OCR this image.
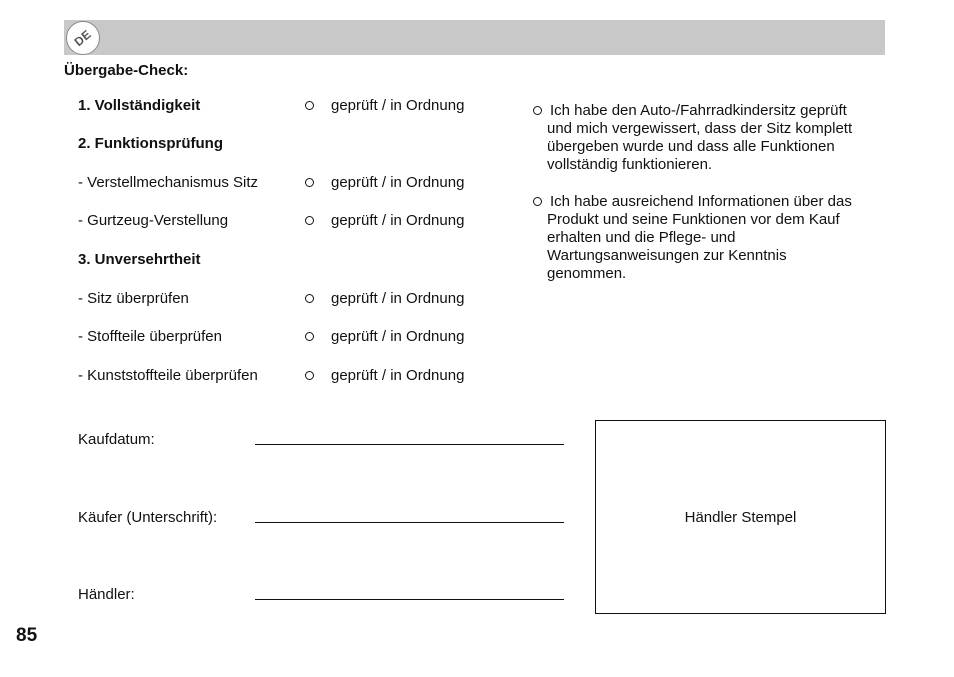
DE
Übergabe-Check:
1. Vollständigkeit	geprüft / in Ordnung
2. Funktionsprüfung
- Verstellmechanismus Sitz	geprüft / in Ordnung
- Gurtzeug-Verstellung	geprüft / in Ordnung
3. Unversehrtheit
- Sitz überprüfen	geprüft / in Ordnung
- Stoffteile überprüfen	geprüft / in Ordnung
- Kunststoffteile überprüfen	geprüft / in Ordnung
Ich habe den Auto-/Fahrradkindersitz geprüft
und mich vergewissert, dass der Sitz komplett
übergeben wurde und dass alle Funktionen
vollständig funktionieren.
Ich habe ausreichend Informationen über das
Produkt und seine Funktionen vor dem Kauf
erhalten und die Pflege- und
Wartungsanweisungen zur Kenntnis
genommen.
Kaufdatum:
Käufer (Unterschrift):
Händler:
Händler Stempel
85
